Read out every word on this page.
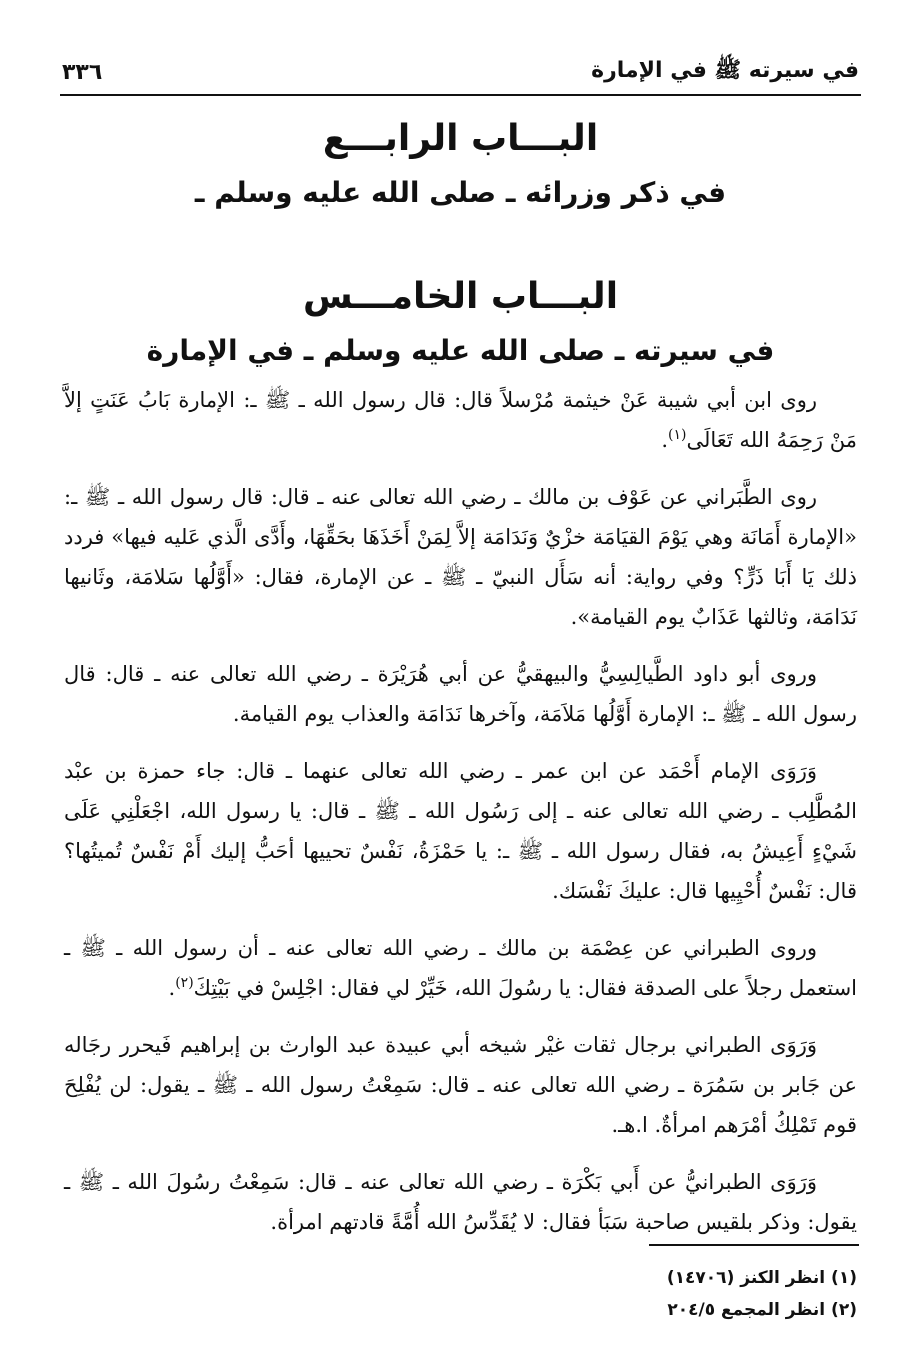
في سيرته ﷺ في الإمارة
٣٣٦
البـــاب الرابـــع
في ذكر وزرائه ـ صلى الله عليه وسلم ـ
البـــاب الخامـــس
في سيرته ـ صلى الله عليه وسلم ـ في الإمارة

روى ابن أبي شيبة عَنْ خيثمة مُرْسلاً قال: قال رسول الله ـ ﷺ ـ: الإمارة بَابُ عَنَتٍ إلاَّ مَنْ رَحِمَهُ الله تَعَالَى$^{(١)}$.

روى الطَّبَراني عن عَوْف بن مالك ـ رضي الله تعالى عنه ـ قال: قال رسول الله ـ ﷺ ـ: «الإمارة أَمَانَة وهي يَوْمَ القيَامَة خزْيٌ وَنَدَامَة إلاَّ لِمَنْ أَخَذَهَا بحَقِّهَا، وأَدَّى الَّذي عَليه فيها» فردد ذلك يَا أَبَا ذَرٍّ؟ وفي رواية: أنه سَأَل النبيّ ـ ﷺ ـ عن الإمارة، فقال: «أَوَّلُها سَلامَة، وثَانيها نَدَامَة، وثالثها عَذَابٌ يوم القيامة».

وروى أبو داود الطَّيالِسِيُّ والبيهقيُّ عن أبي هُرَيْرَة ـ رضي الله تعالى عنه ـ قال: قال رسول الله ـ ﷺ ـ: الإمارة أَوَّلُها مَلاَمَة، وآخرها نَدَامَة والعذاب يوم القيامة.

وَرَوَى الإمام أَحْمَد عن ابن عمر ـ رضي الله تعالى عنهما ـ قال: جاء حمزة بن عبْد المُطَّلِب ـ رضي الله تعالى عنه ـ إلى رَسُول الله ـ ﷺ ـ قال: يا رسول الله، اجْعَلْنِي عَلَى شَيْءٍ أَعِيشُ به، فقال رسول الله ـ ﷺ ـ: يا حَمْزَةُ، نَفْسٌ تحييها أحَبُّ إليك أَمْ نَفْسٌ تُميتُها؟ قال: نَفْسٌ أُحْيِيها قال: عليكَ نَفْسَك.

وروى الطبراني عن عِصْمَة بن مالك ـ رضي الله تعالى عنه ـ أن رسول الله ـ ﷺ ـ استعمل رجلاً على الصدقة فقال: يا رسُولَ الله، خَيِّرْ لي فقال: اجْلِسْ في بَيْتِكَ$^{(٢)}$.

وَرَوَى الطبراني برجال ثقات غيْر شيخه أبي عبيدة عبد الوارث بن إبراهيم فَيحرر رجَاله عن جَابر بن سَمُرَة ـ رضي الله تعالى عنه ـ قال: سَمِعْتُ رسول الله ـ ﷺ ـ يقول: لن يُفْلِحَ قوم تَمْلِكُ أمْرَهم امرأةٌ. ا.هـ.

وَرَوَى الطبرانيُّ عن أَبي بَكْرَة ـ رضي الله تعالى عنه ـ قال: سَمِعْتُ رسُولَ الله ـ ﷺ ـ يقول: وذكر بلقيس صاحبة سَبَأ فقال: لا يُقَدِّسُ الله أُمَّةً قادتهم امرأة.

(١) انظر الكنز (١٤٧٠٦)
(٢) انظر المجمع ٢٠٤/٥
